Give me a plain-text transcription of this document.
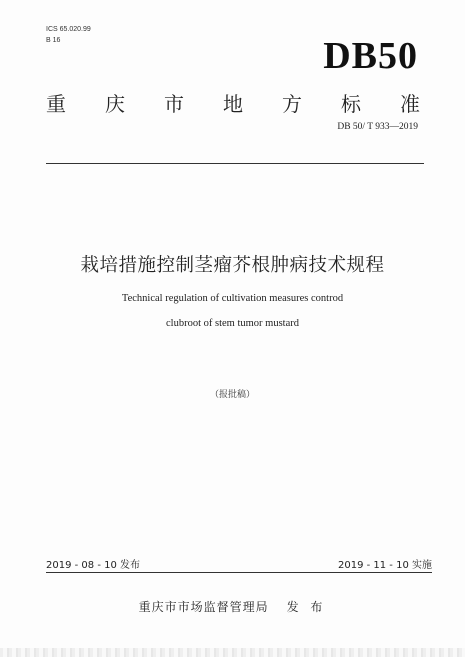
ICS 65.020.99
B 16	DB50
重 庆 市 地 方 标 准
DB 50/ T 933—2019
栽培措施控制茎瘤芥根肿病技术规程
Technical regulation of cultivation measures controd
clubroot of stem tumor mustard
（报批稿）
2019 - 08 - 10 发布	2019 - 11 - 10 实施
重庆市市场监督管理局 发 布
